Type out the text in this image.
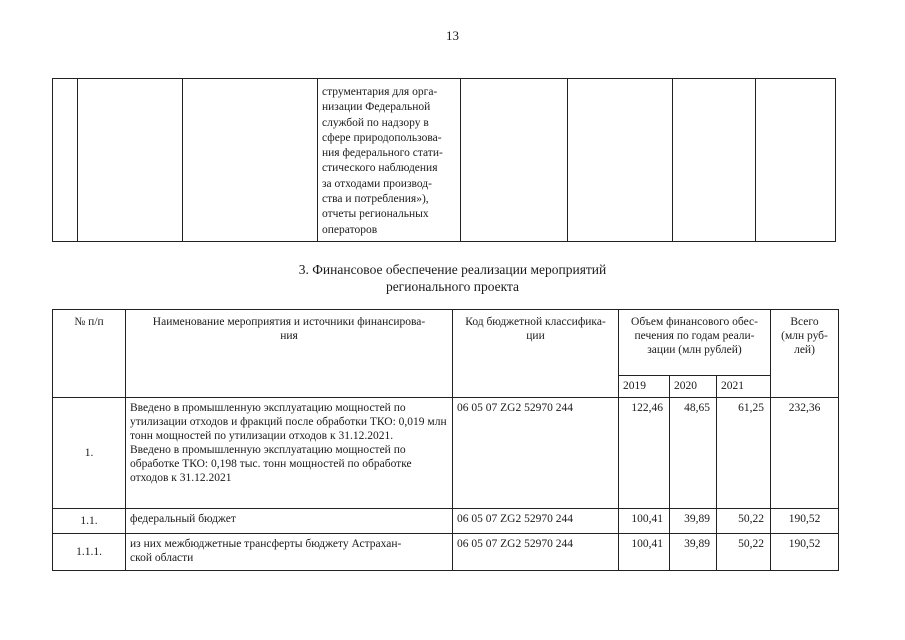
13

струментария для орга-
низации Федеральной
службой по надзору в
сфере природопользова-
ния федерального стати-
стического наблюдения
за отходами производ-
ства и потребления»),
отчеты региональных
операторов

3. Финансовое обеспечение реализации мероприятий
регионального проекта
№ п/п	Наименование мероприятия и источники финансирова-
ния	Код бюджетной классифика-
ции	Объем финансового обес-
печения по годам реали-
зации (млн рублей)			Всего
(млн руб-
лей)
			2019	2020	2021	
1.	Введено в промышленную эксплуатацию мощностей по утилизации отходов и фракций после обработки ТКО: 0,019 млн тонн мощностей по утилизации отходов к 31.12.2021.
Введено в промышленную эксплуатацию мощностей по обработке ТКО: 0,198 тыс. тонн мощностей по обработке отходов к 31.12.2021	06 05 07 ZG2 52970 244	122,46	48,65	61,25	232,36
1.1.	федеральный бюджет	06 05 07 ZG2 52970 244	100,41	39,89	50,22	190,52
1.1.1.	из них межбюджетные трансферты бюджету Астрахан-
ской области	06 05 07 ZG2 52970 244	100,41	39,89	50,22	190,52
